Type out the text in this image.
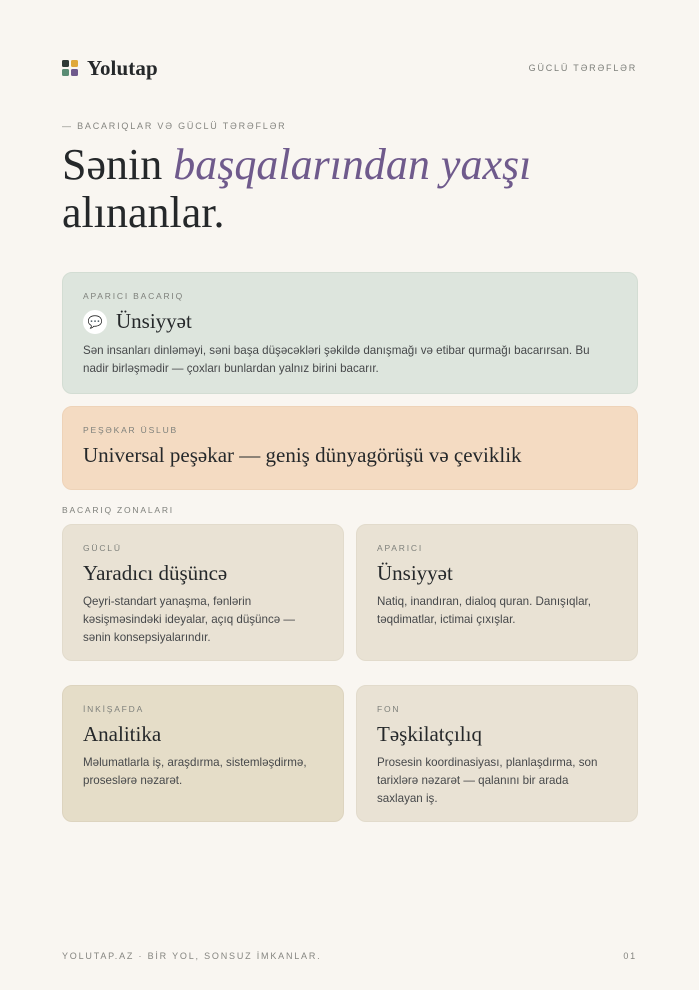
Yolutap	GÜCLÜ TƏRƏFLƏR
— BACARIQLAR VƏ GÜCLÜ TƏRƏFLƏR
Sənin başqalarından yaxşı
alınanlar.
APARICI BACARIQ
💬 Ünsiyyət
Sən insanları dinləməyi, səni başa düşəcəkləri şəkildə danışmağı və etibar qurmağı bacarırsan. Bu nadir birləşmədir — çoxları bunlardan yalnız birini bacarır.
PEŞƏKAR ÜSLUB
Universal peşəkar — geniş dünyagörüşü və çeviklik
BACARIQ ZONALARI
GÜCLÜ
Yaradıcı düşüncə
Qeyri-standart yanaşma, fənlərin kəsişməsindəki ideyalar, açıq düşüncə — sənin konsepsiyalarındır.
APARICI
Ünsiyyət
Natiq, inandıran, dialoq quran. Danışıqlar, təqdimatlar, ictimai çıxışlar.
İNKİŞAFDA
Analitika
Məlumatlarla iş, araşdırma, sistemləşdirmə, proseslərə nəzarət.
FON
Təşkilatçılıq
Prosesin koordinasiyası, planlaşdırma, son tarixlərə nəzarət — qalanını bir arada saxlayan iş.
YOLUTAP.AZ · BİR YOL, SONSUZ İMKANLAR.	01
